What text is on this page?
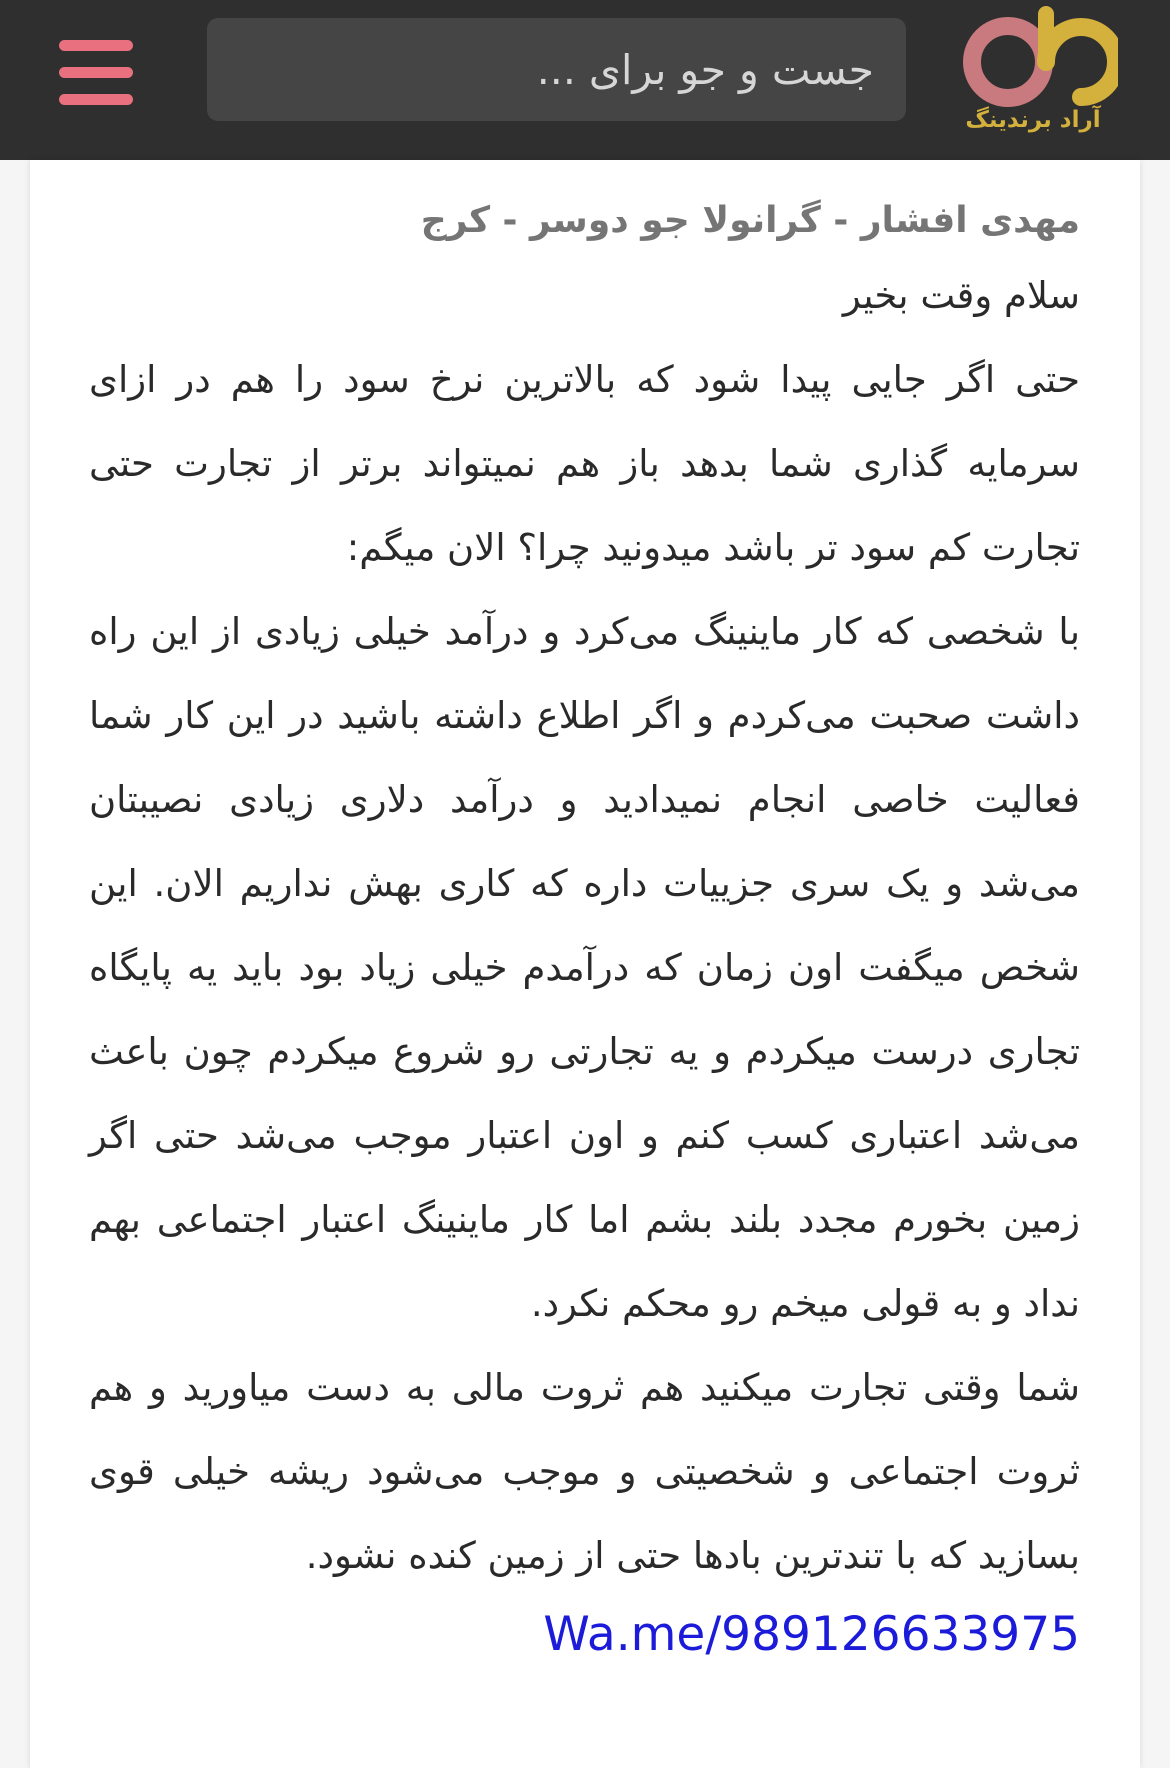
جست و جو برای ...
آراد برندینگ

مهدی افشار - گرانولا جو دوسر - کرج

سلام وقت بخیر

حتی اگر جایی پیدا شود که بالاترین نرخ سود را هم در ازای سرمایه گذاری شما بدهد باز هم نمیتواند برتر از تجارت حتی تجارت کم سود تر باشد میدونید چرا؟ الان میگم:

با شخصی که کار ماینینگ می‌کرد و درآمد خیلی زیادی از این راه داشت صحبت می‌کردم و اگر اطلاع داشته باشید در این کار شما فعالیت خاصی انجام نمیدادید و درآمد دلاری زیادی نصیبتان می‌شد و یک سری جزییات داره که کاری بهش نداریم الان. این شخص میگفت اون زمان که درآمدم خیلی زیاد بود باید یه پایگاه تجاری درست میکردم و یه تجارتی رو شروع میکردم چون باعث می‌شد اعتباری کسب کنم و اون اعتبار موجب می‌شد حتی اگر زمین بخورم مجدد بلند بشم اما کار ماینینگ اعتبار اجتماعی بهم نداد و به قولی میخم رو محکم نکرد.

شما وقتی تجارت میکنید هم ثروت مالی به دست میاورید و هم ثروت اجتماعی و شخصیتی و موجب می‌شود ریشه خیلی قوی بسازید که با تندترین بادها حتی از زمین کنده نشود.

Wa.me/989126633975
